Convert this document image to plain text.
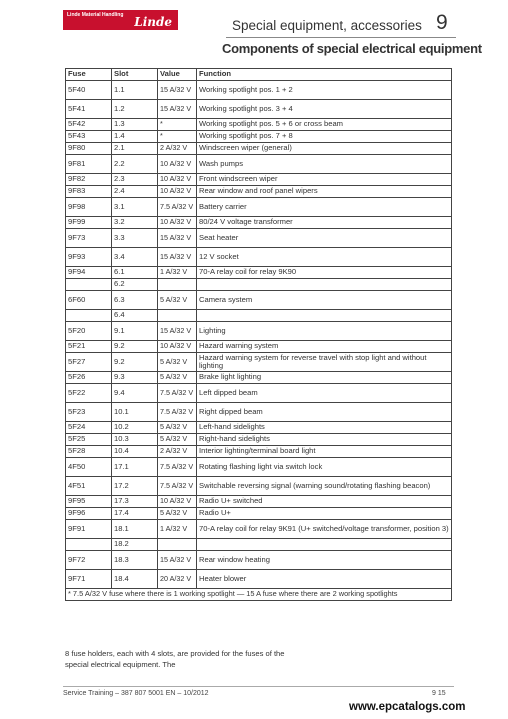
Linde Material Handling Linde	Special equipment, accessories 9
Components of special electrical equipment
Fuse	Slot	Value	Function
5F40	1.1	15 A/32 V	Working spotlight pos. 1 + 2
5F41	1.2	15 A/32 V	Working spotlight pos. 3 + 4
5F42	1.3	*	Working spotlight pos. 5 + 6 or cross beam
5F43	1.4	*	Working spotlight pos. 7 + 8
9F80	2.1	2 A/32 V	Windscreen wiper (general)
9F81	2.2	10 A/32 V	Wash pumps
9F82	2.3	10 A/32 V	Front windscreen wiper
9F83	2.4	10 A/32 V	Rear window and roof panel wipers
9F98	3.1	7.5 A/32 V	Battery carrier
9F99	3.2	10 A/32 V	80/24 V voltage transformer
9F73	3.3	15 A/32 V	Seat heater
9F93	3.4	15 A/32 V	12 V socket
9F94	6.1	1 A/32 V	70-A relay coil for relay 9K90
	6.2		
6F60	6.3	5 A/32 V	Camera system
	6.4		
5F20	9.1	15 A/32 V	Lighting
5F21	9.2	10 A/32 V	Hazard warning system
5F27	9.2	5 A/32 V	Hazard warning system for reverse travel with stop light and without lighting
5F26	9.3	5 A/32 V	Brake light lighting
5F22	9.4	7.5 A/32 V	Left dipped beam
5F23	10.1	7.5 A/32 V	Right dipped beam
5F24	10.2	5 A/32 V	Left-hand sidelights
5F25	10.3	5 A/32 V	Right-hand sidelights
5F28	10.4	2 A/32 V	Interior lighting/terminal board light
4F50	17.1	7.5 A/32 V	Rotating flashing light via switch lock
4F51	17.2	7.5 A/32 V	Switchable reversing signal (warning sound/rotating flashing beacon)
9F95	17.3	10 A/32 V	Radio U+ switched
9F96	17.4	5 A/32 V	Radio U+
9F91	18.1	1 A/32 V	70-A relay coil for relay 9K91 (U+ switched/voltage transformer, position 3)
	18.2		
9F72	18.3	15 A/32 V	Rear window heating
9F71	18.4	20 A/32 V	Heater blower
* 7.5 A/32 V fuse where there is 1 working spotlight — 15 A fuse where there are 2 working spotlights			
8 fuse holders, each with 4 slots, are provided for the fuses of the special electrical equipment. The
Service Training – 387 807 5001 EN – 10/2012	9 15
www.epcatalogs.com
